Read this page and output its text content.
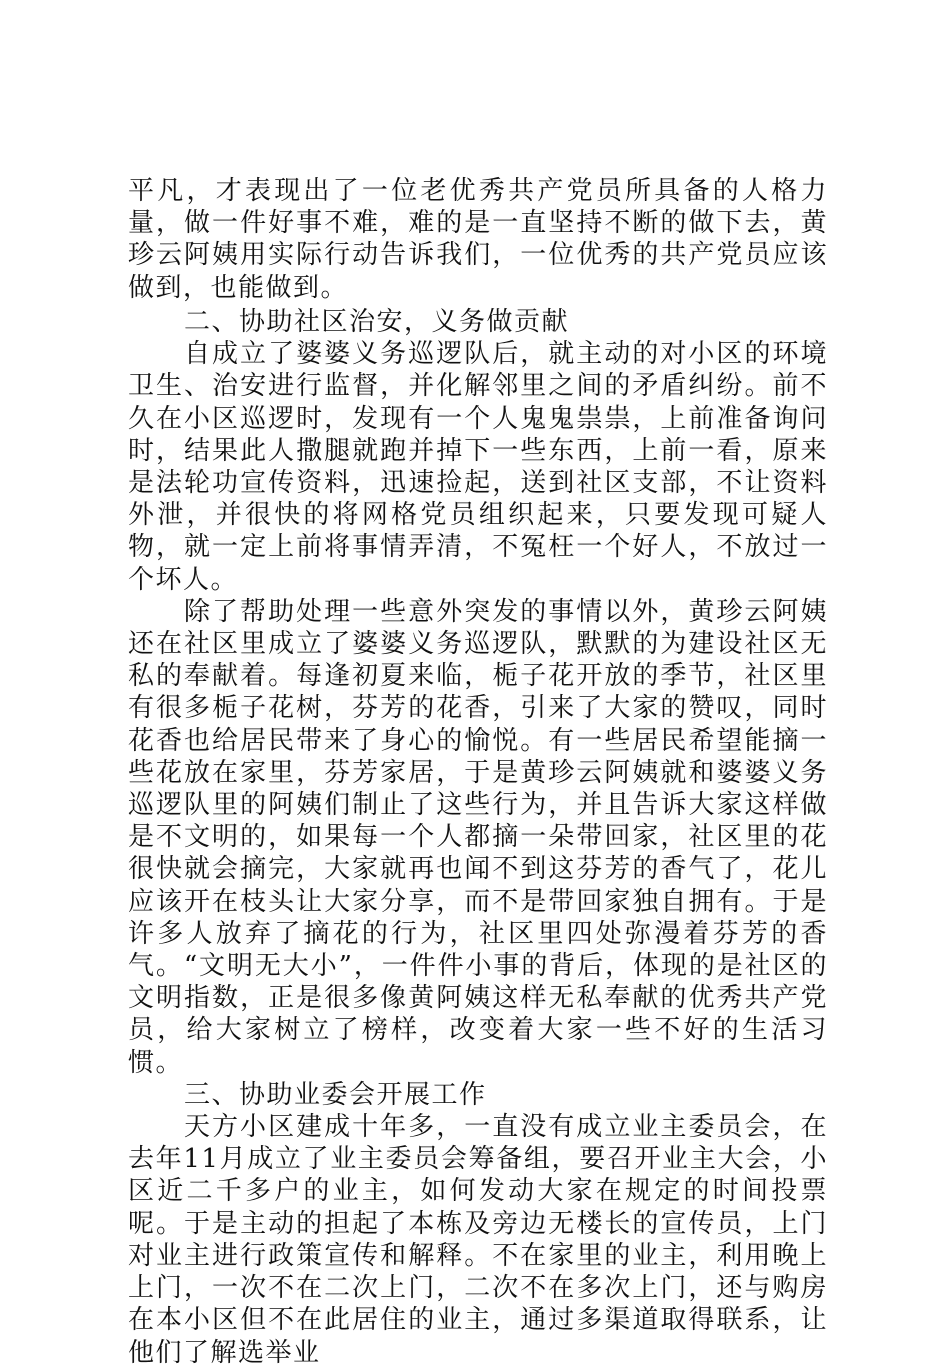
平凡，才表现出了一位老优秀共产党员所具备的人格力量，做一件好事不难，难的是一直坚持不断的做下去，黄珍云阿姨用实际行动告诉我们，一位优秀的共产党员应该做到，也能做到。

二、协助社区治安，义务做贡献

自成立了婆婆义务巡逻队后，就主动的对小区的环境卫生、治安进行监督，并化解邻里之间的矛盾纠纷。前不久在小区巡逻时，发现有一个人鬼鬼祟祟，上前准备询问时，结果此人撒腿就跑并掉下一些东西，上前一看，原来是法轮功宣传资料，迅速捡起，送到社区支部，不让资料外泄，并很快的将网格党员组织起来，只要发现可疑人物，就一定上前将事情弄清，不冤枉一个好人，不放过一个坏人。

除了帮助处理一些意外突发的事情以外，黄珍云阿姨还在社区里成立了婆婆义务巡逻队，默默的为建设社区无私的奉献着。每逢初夏来临，栀子花开放的季节，社区里有很多栀子花树，芬芳的花香，引来了大家的赞叹，同时花香也给居民带来了身心的愉悦。有一些居民希望能摘一些花放在家里，芬芳家居，于是黄珍云阿姨就和婆婆义务巡逻队里的阿姨们制止了这些行为，并且告诉大家这样做是不文明的，如果每一个人都摘一朵带回家，社区里的花很快就会摘完，大家就再也闻不到这芬芳的香气了，花儿应该开在枝头让大家分享，而不是带回家独自拥有。于是许多人放弃了摘花的行为，社区里四处弥漫着芬芳的香气。“文明无大小”，一件件小事的背后，体现的是社区的文明指数，正是很多像黄阿姨这样无私奉献的优秀共产党员，给大家树立了榜样，改变着大家一些不好的生活习惯。

三、协助业委会开展工作

天方小区建成十年多，一直没有成立业主委员会，在去年11月成立了业主委员会筹备组，要召开业主大会，小区近二千多户的业主，如何发动大家在规定的时间投票呢。于是主动的担起了本栋及旁边无楼长的宣传员，上门对业主进行政策宣传和解释。不在家里的业主，利用晚上上门，一次不在二次上门，二次不在多次上门，还与购房在本小区但不在此居住的业主，通过多渠道取得联系，让他们了解选举业
